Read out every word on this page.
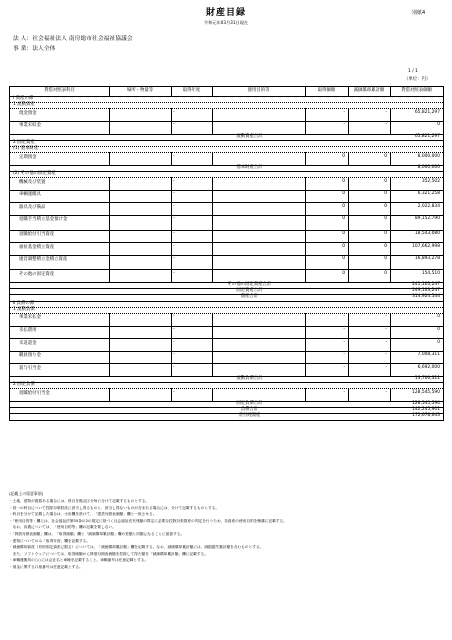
財産目録
令和元年03月31日現在
別紙4
法 人：社会福祉法人 南房総市社会福祉協議会
事 業：法人全体
1 / 1
（単位：円）
貸借対照表科目	場所・物量等	取得年度	使用目的等	取得価額	減価償却累計額	貸借対照表価額
Ⅰ 資産の部
1 流動資産
現金預金	-	-	-	65,821,297
事業未収金	-	-	-	0
流動資産合計	65,821,297
2 固定資産
(1) 基本財産
定期預金	-	0	0	8,000,000
基本財産合計	8,000,000
(2) その他の固定資産
機械及び装置	-	0	0	352,502
車輌運搬具	-	0	0	6,321,258
器具及び備品	-	0	0	2,022,834
退職手当積立基金預け金	-	0	0	89,152,790
退職給付引当資産	-	0	0	18,543,080
福祉基金積立資産	-	0	0	107,662,998
運営調整積立金積立資産	-	0	0	16,893,278
その他の固定資産	-	0	0	154,510
その他の固定資産合計	241,103,247
固定資産合計	249,103,247
資産合計	314,924,544
Ⅱ 負債の部
1 流動負債
事業未払金	-	-	-	0
未払費用	-	-	-	0
未返還金	-	-	-	0
職員預り金	-	-	-	7,008,311
賞与引当金	-	-	-	6,692,000
流動負債合計	13,700,311
2 固定負債
退職給付引当金	-	-	-	128,545,590
固定負債合計	128,545,590
負債合計	142,245,901
差引純資産	172,678,643
(記載上の留意事項)
・土地、建物が複数ある場合には、科目を拠点区分毎に分けて記載するものとする。
・同一の科目について控除対象財産に該当し得るものと、該当し得ないものが含まれる場合には、分けて記載するものとする。
・科目を分けて記載した場合は、小計欄を設けて、「建設対照表価額」欄と一致させる。
・「使用目的等」欄には、社会福祉法第55条の2の規定に基づく社会福祉充実残額の算定に必要な控除対象財産の判定を行うため、各資産の使用目的を簡潔に記載する。
　なお、負債については、「使用目的等」欄の記載を要しない。
・「貸借対照表価額」欄は、「取得価額」欄と「減価償却累計額」欄の差額と同額になることに留意する。
・建物についてのみ「取得年度」欄を記載する。
・減価償却資産（有形固定資産に限る）については、「減価償却累計額」欄を記載する。なお、減価償却累計額には、減損損失累計額を含むものとする。
　また、ソフトウェアについては、取得価額から貸借対照表価額を控除して得た額を「減価償却累計額」欄に記載する。
・車輌運搬具の○○には会社名と車種を記載すること。車輌番号は任意記載とする。
・預金に関する口座番号は任意記載とする。
